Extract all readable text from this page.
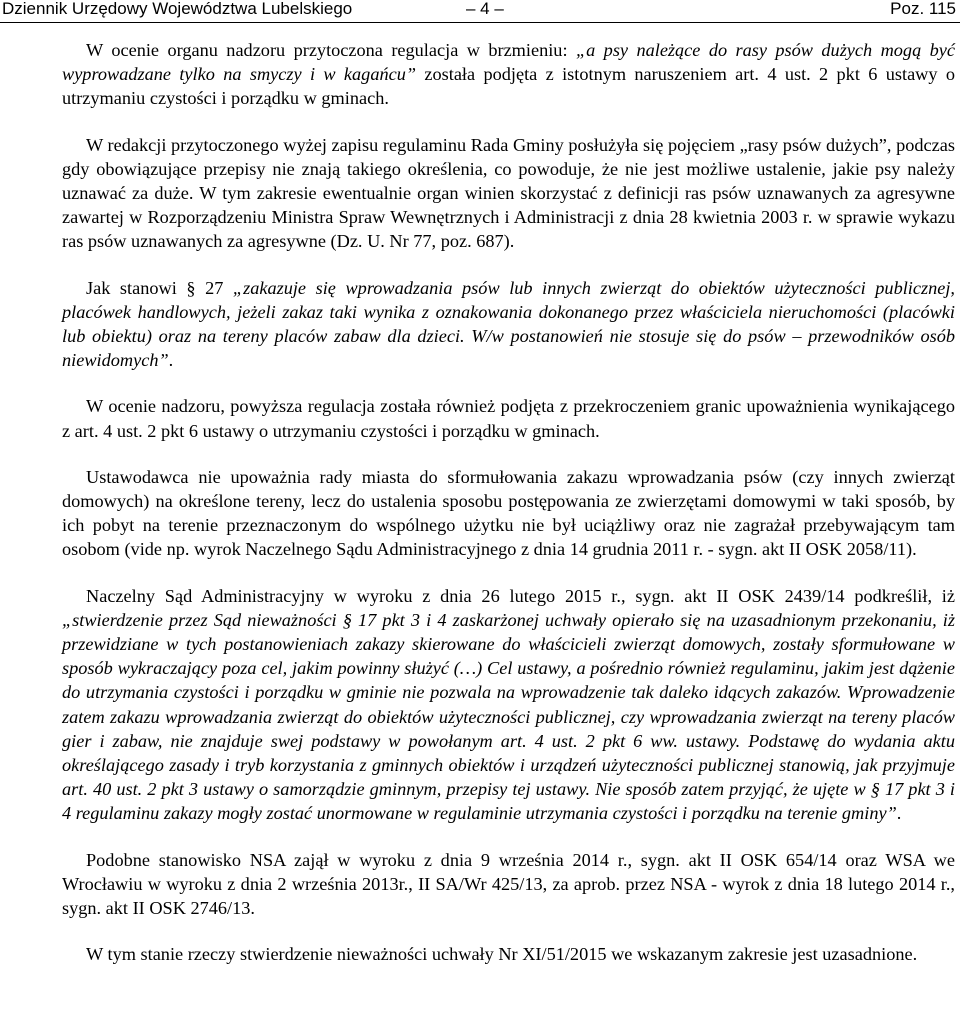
Dziennik Urzędowy Województwa Lubelskiego	– 4 –	Poz. 115

W ocenie organu nadzoru przytoczona regulacja w brzmieniu: „a psy należące do rasy psów dużych mogą być wyprowadzane tylko na smyczy i w kagańcu” została podjęta z istotnym naruszeniem art. 4 ust. 2 pkt 6 ustawy o utrzymaniu czystości i porządku w gminach.

W redakcji przytoczonego wyżej zapisu regulaminu Rada Gminy posłużyła się pojęciem „rasy psów dużych”, podczas gdy obowiązujące przepisy nie znają takiego określenia, co powoduje, że nie jest możliwe ustalenie, jakie psy należy uznawać za duże. W tym zakresie ewentualnie organ winien skorzystać z definicji ras psów uznawanych za agresywne zawartej w Rozporządzeniu Ministra Spraw Wewnętrznych i Administracji z dnia 28 kwietnia 2003 r. w sprawie wykazu ras psów uznawanych za agresywne (Dz. U. Nr 77, poz. 687).

Jak stanowi § 27 „zakazuje się wprowadzania psów lub innych zwierząt do obiektów użyteczności publicznej, placówek handlowych, jeżeli zakaz taki wynika z oznakowania dokonanego przez właściciela nieruchomości (placówki lub obiektu) oraz na tereny placów zabaw dla dzieci. W/w postanowień nie stosuje się do psów – przewodników osób niewidomych”.

W ocenie nadzoru, powyższa regulacja została również podjęta z przekroczeniem granic upoważnienia wynikającego z art. 4 ust. 2 pkt 6 ustawy o utrzymaniu czystości i porządku w gminach.

Ustawodawca nie upoważnia rady miasta do sformułowania zakazu wprowadzania psów (czy innych zwierząt domowych) na określone tereny, lecz do ustalenia sposobu postępowania ze zwierzętami domowymi w taki sposób, by ich pobyt na terenie przeznaczonym do wspólnego użytku nie był uciążliwy oraz nie zagrażał przebywającym tam osobom (vide np. wyrok Naczelnego Sądu Administracyjnego z dnia 14 grudnia 2011 r. - sygn. akt II OSK 2058/11).

Naczelny Sąd Administracyjny w wyroku z dnia 26 lutego 2015 r., sygn. akt II OSK 2439/14 podkreślił, iż „stwierdzenie przez Sąd nieważności § 17 pkt 3 i 4 zaskarżonej uchwały opierało się na uzasadnionym przekonaniu, iż przewidziane w tych postanowieniach zakazy skierowane do właścicieli zwierząt domowych, zostały sformułowane w sposób wykraczający poza cel, jakim powinny służyć (…) Cel ustawy, a pośrednio również regulaminu, jakim jest dążenie do utrzymania czystości i porządku w gminie nie pozwala na wprowadzenie tak daleko idących zakazów. Wprowadzenie zatem zakazu wprowadzania zwierząt do obiektów użyteczności publicznej, czy wprowadzania zwierząt na tereny placów gier i zabaw, nie znajduje swej podstawy w powołanym art. 4 ust. 2 pkt 6 ww. ustawy. Podstawę do wydania aktu określającego zasady i tryb korzystania z gminnych obiektów i urządzeń użyteczności publicznej stanowią, jak przyjmuje art. 40 ust. 2 pkt 3 ustawy o samorządzie gminnym, przepisy tej ustawy. Nie sposób zatem przyjąć, że ujęte w § 17 pkt 3 i 4 regulaminu zakazy mogły zostać unormowane w regulaminie utrzymania czystości i porządku na terenie gminy”.

Podobne stanowisko NSA zajął w wyroku z dnia 9 września 2014 r., sygn. akt II OSK 654/14 oraz WSA we Wrocławiu w wyroku z dnia 2 września 2013r., II SA/Wr 425/13, za aprob. przez NSA - wyrok z dnia 18 lutego 2014 r., sygn. akt II OSK 2746/13.

W tym stanie rzeczy stwierdzenie nieważności uchwały Nr XI/51/2015 we wskazanym zakresie jest uzasadnione.
